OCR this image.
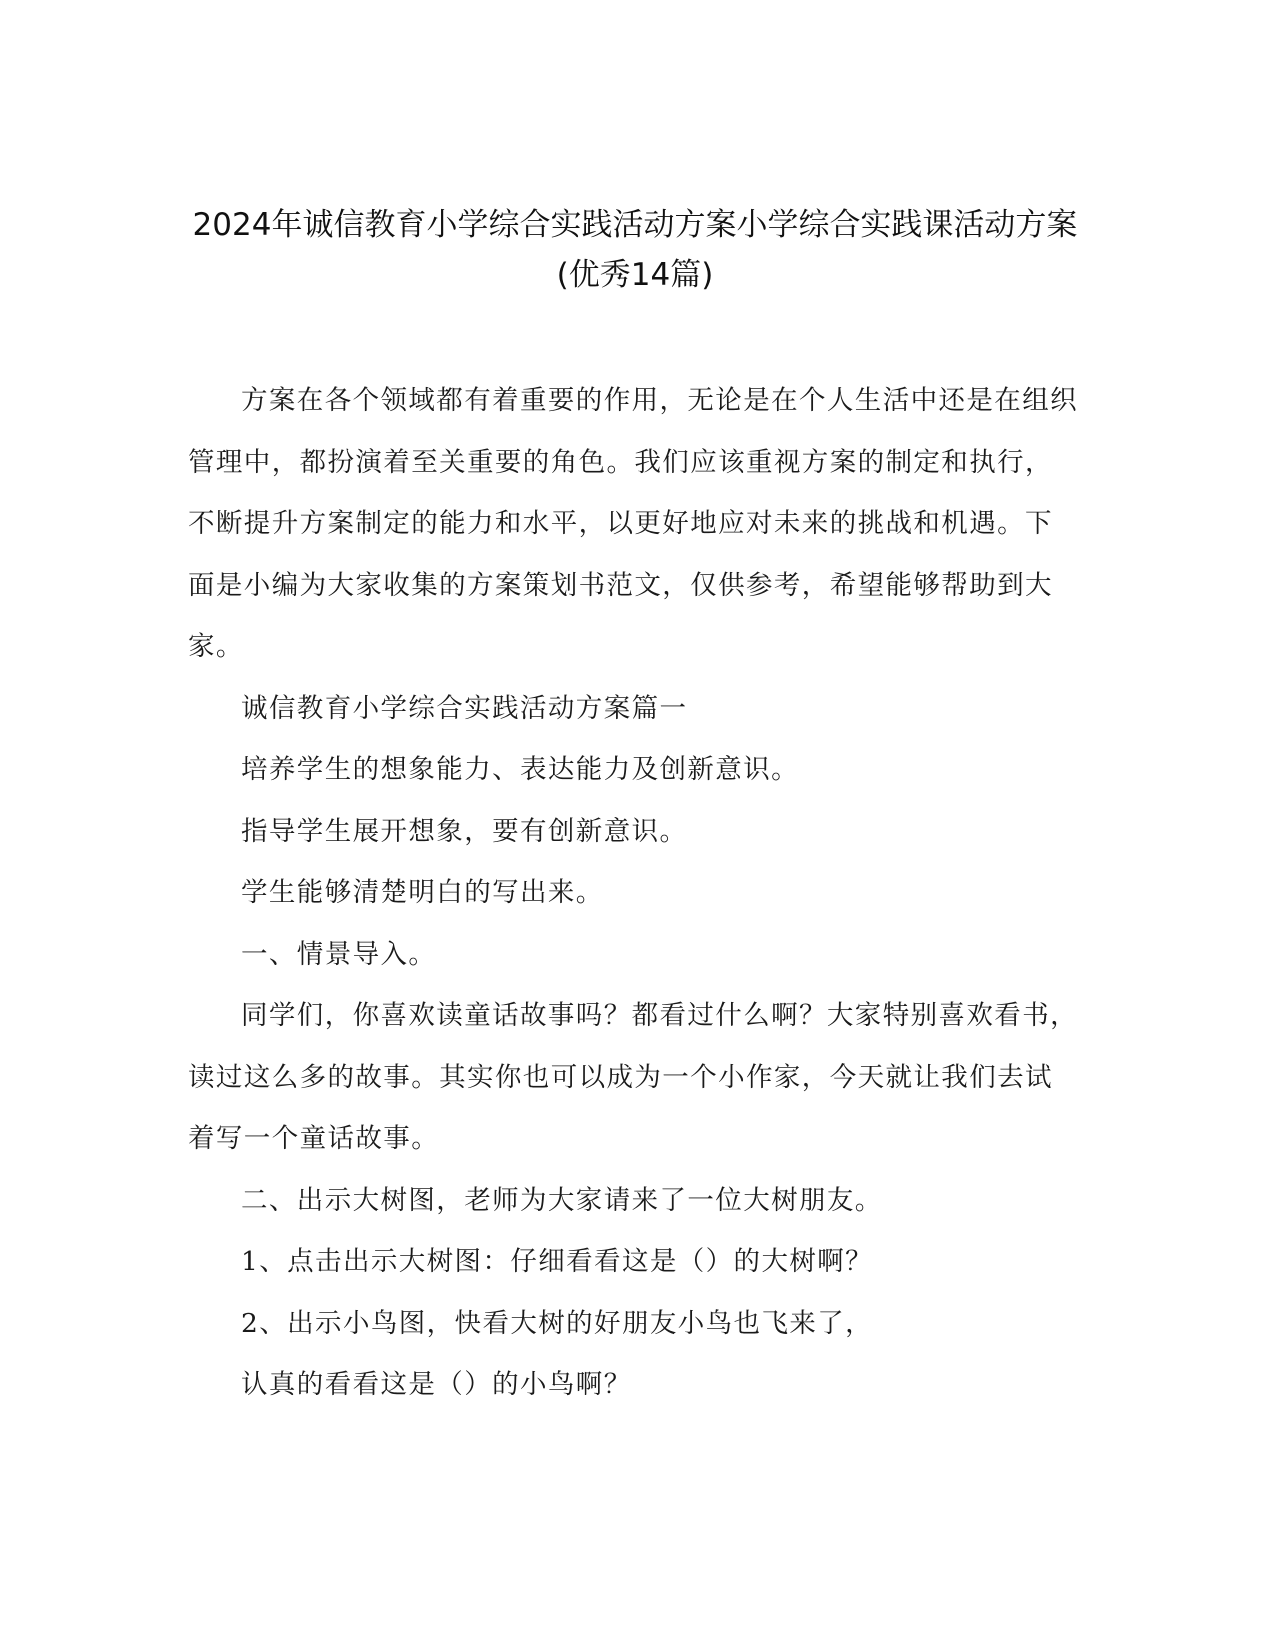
2024年诚信教育小学综合实践活动方案小学综合实践课活动方案(优秀14篇)

方案在各个领域都有着重要的作用，无论是在个人生活中还是在组织管理中，都扮演着至关重要的角色。我们应该重视方案的制定和执行，不断提升方案制定的能力和水平，以更好地应对未来的挑战和机遇。下面是小编为大家收集的方案策划书范文，仅供参考，希望能够帮助到大家。

诚信教育小学综合实践活动方案篇一

培养学生的想象能力、表达能力及创新意识。

指导学生展开想象，要有创新意识。

学生能够清楚明白的写出来。

一、情景导入。

同学们，你喜欢读童话故事吗？都看过什么啊？大家特别喜欢看书，读过这么多的故事。其实你也可以成为一个小作家，今天就让我们去试着写一个童话故事。

二、出示大树图，老师为大家请来了一位大树朋友。

1、点击出示大树图：仔细看看这是（）的大树啊？

2、出示小鸟图，快看大树的好朋友小鸟也飞来了，

认真的看看这是（）的小鸟啊？
